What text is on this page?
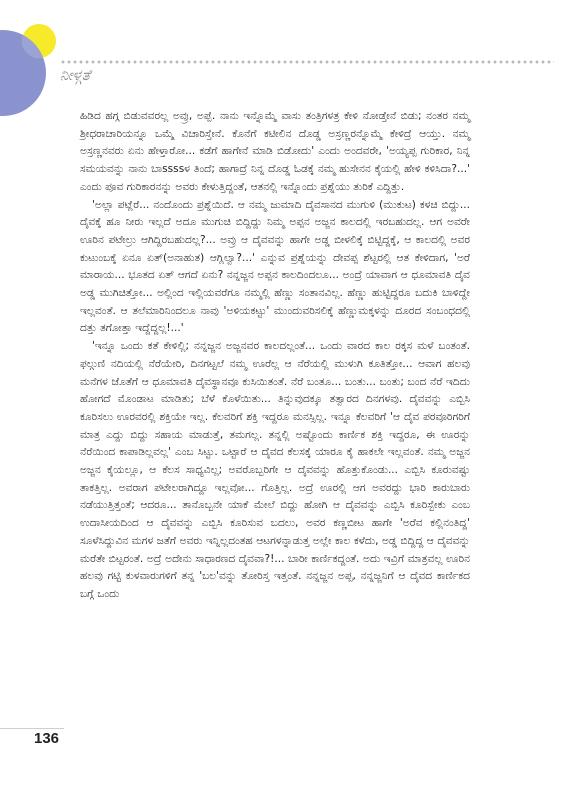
ನೀಳ್ಗತೆ

ಹಿಡಿದ ಹಗ್ಗ ಬಿಡುವವರಲ್ಲ ಅವ್ರು, ಅಪ್ಪೆ. ನಾನು ಇನ್ನೊಮ್ಮೆ ವಾಸು ತಂತ್ರಿಗಳತ್ರ ಕೇಳಿ ನೋಡ್ತೇನೆ ಬಿಡು; ನಂತರ ನಮ್ಮ ಶ್ರೀಧರಾಚಾರಿಯನ್ನೂ ಒಮ್ಮೆ ವಿಚಾರಿಸ್ತೇನೆ. ಕೊನೆಗೆ ಕಟೀಲಿನ ದೊಡ್ಡ ಅಸ್ರಣ್ಣರನ್ನೊಮ್ಮೆ ಕೇಳಿದ್ರೆ ಆಯ್ತು. ನಮ್ಮ ಅಸ್ರಣ್ಣನವರು ಏನು ಹೇಳ್ತಾರೋ... ಕಡೆಗೆ ಹಾಗೇನೆ ಮಾಡಿ ಬಿಡೋದು' ಎಂದು ಅಂದವರೇ, 'ಅಯ್ಯಪ್ಪ ಗುರಿಕಾರ, ನಿನ್ನ ಸಮಯವನ್ನು ನಾನು ಬಾssssಳ ತಿಂದೆ; ಹಾಗಾದ್ರೆ ನಿನ್ನ ದೊಡ್ಡ ಓಡಕ್ಕೆ ನಮ್ಮ ಹುಸೇನನ ಕೈಯಲ್ಲಿ ಹೇಳಿ ಕಳಿಸಿದಾ?...' ಎಂದು ಪೂವ ಗುರಿಕಾರನನ್ನು ಅವರು ಕೇಳುತ್ತಿದ್ದಂತೆ, ಆತನಲ್ಲಿ ಇನ್ನೊಂದು ಪ್ರಶ್ನೆಯು ತುರಿಕೆ ಎದ್ದಿತ್ತು.

'ಅಲ್ಲಾ ಪಟ್ಲೆರೆ... ನಂದೊಂದು ಪ್ರಶ್ನೆಯಿದೆ. ಆ ನಮ್ಮ ಜುಮಾದಿ ದೈವಸಾನದ ಮುಗುಳಿ (ಮುಕುಟ) ಕಳಚಿ ಬಿದ್ದು... ದೈವಕ್ಕೆ ಹೂ ನೀರು ಇಲ್ಲದೆ ಅದೂ ಮುಗುಚಿ ಬಿದ್ದಿದ್ದು ನಿಮ್ಮ ಅಪ್ಪನ ಅಜ್ಜನ ಕಾಲದಲ್ಲಿ ಇರಬಹುದಲ್ಲ. ಆಗ ಅವರೇ ಊರಿನ ಪಟೇಲ್ರು ಆಗಿದ್ದಿರಬಹುದಲ್ಲ?... ಅವ್ರು ಆ ದೈವವನ್ನು ಹಾಗೇ ಅಡ್ಡ ಬೀಳಲಿಕ್ಕೆ ಬಿಟ್ಟಿದ್ದಕ್ಕೆ, ಆ ಕಾಲದಲ್ಲಿ ಅವರ ಕುಟುಂಬಕ್ಕೆ ಏನೂ ಏತ್(ಅನಾಹುತ) ಆಗ್ಲಿಲ್ವಾ?...' ಎನ್ನುವ ಪ್ರಶ್ನೆಯನ್ನು ದೇವಪ್ಪ ಶೆಟ್ಟರಲ್ಲಿ ಆತ ಕೇಳಿದಾಗ, 'ಅರೆ ಮಾರಾಯ... ಭೂತದ ಏತ್ ಆಗದೆ ಏನು? ನನ್ನಜ್ಜನ ಅಪ್ಪನ ಕಾಲದಿಂದಲೂ... ಅಂದ್ರೆ ಯಾವಾಗ ಆ ಧೂಮಾವತಿ ದೈವ ಅಡ್ಡ ಮುಗಿಚಿತ್ತೋ... ಅಲ್ಲಿಂದ ಇಲ್ಲಿಯವರೆಗೂ ನಮ್ಮಲ್ಲಿ ಹೆಣ್ಣು ಸಂತಾನವಿಲ್ಲ. ಹೆಣ್ಣು ಹುಟ್ಟಿದ್ದರೂ ಬದುಕಿ ಬಾಳಿದ್ದೇ ಇಲ್ಲವಂತೆ. ಆ ತಲೆಮಾರಿನಿಂದಲೂ ನಾವು 'ಅಳಿಯಕಟ್ಟು' ಮುಂದುವರಿಸಲಿಕ್ಕೆ ಹೆಣ್ಣುಮಕ್ಕಳನ್ನು ದೂರದ ಸಂಬಂಧದಲ್ಲಿ ದತ್ತು ತಗೋತ್ತಾ ಇದ್ದೆದ್ದಲ್ಲ!...'

'ಇನ್ನೂ ಒಂದು ಕತೆ ಕೇಳಿಲ್ಲಿ; ನನ್ನಜ್ಜನ ಅಜ್ಜನವರ ಕಾಲದಲ್ಲಂತೆ... ಒಂದು ವಾರದ ಕಾಲ ರಕ್ಕಸ ಮಳೆ ಬಂತಂತೆ. ಫಲ್ಗುಣಿ ನದಿಯಲ್ಲಿ ನೆರೆಯೇರಿ, ದಿನಗಟ್ಟಲೆ ನಮ್ಮ ಊರೆಲ್ಲ ಆ ನೆರೆಯಲ್ಲಿ ಮುಳುಗಿ ಕೂತಿತ್ತೋ... ಆವಾಗ ಹಲವು ಮನೆಗಳ ಜೊತೆಗೆ ಆ ಧೂಮಾವತಿ ದೈವಸ್ಥಾನವೂ ಕುಸಿಯಿತಂತೆ. ನೆರೆ ಬಂತೂ... ಬಂತು... ಬಂತು; ಬಂದ ನೆರೆ ಇದಿದು ಹೋಗದೆ ಮೊಂಡಾಟ ಮಾಡಿತು; ಬೆಳೆ ಕೊಳೆಯಿತು... ತಿನ್ನುವುದಕ್ಕೂ ತತ್ವಾರದ ದಿನಗಳವು. ದೈವವನ್ನು ಎಬ್ಬಿಸಿ ಕೂರಿಸಲು ಊರವರಲ್ಲಿ ಶಕ್ತಿಯೇ ಇಲ್ಲ. ಕೆಲವರಿಗೆ ಶಕ್ತಿ ಇದ್ದರೂ ಮನಸ್ಸಿಲ್ಲ. ಇನ್ನೂ ಕೆಲವರಿಗೆ 'ಆ ದೈವ ಪರವೂರಿಗರಿಗೆ ಮಾತ್ರ ಎದ್ದು ಬಿದ್ದು ಸಹಾಯ ಮಾಡುತ್ತೆ, ತಮಗಲ್ಲ. ತನ್ನಲ್ಲಿ ಅಷ್ಟೊಂದು ಕಾರ್ಣಿಕ ಶಕ್ತಿ ಇದ್ದರೂ, ಈ ಊರನ್ನು ನೆರೆಯಿಂದ ಕಾಪಾಡಿಲ್ಲವಲ್ಲ' ಎಂಬ ಸಿಟ್ಟು. ಒಟ್ಟಾರೆ ಆ ದೈವದ ಕೆಲಸಕ್ಕೆ ಯಾರೂ ಕೈ ಹಾಕಲೇ ಇಲ್ಲವಂತೆ. ನಮ್ಮ ಅಜ್ಜನ ಅಜ್ಜನ ಕೈಯಲ್ಲೂ, ಆ ಕೆಲಸ ಸಾಧ್ಯವಿಲ್ಲ; ಅವರೊಬ್ಬರಿಗೇ ಆ ದೈವವನ್ನು ಹೊತ್ತುಕೊಂಡು... ಎಬ್ಬಿಸಿ ಕೂರುವಷ್ಟು ತಾಕತ್ತಿಲ್ಲ. ಅವರಾಗ ಪಟೇಲರಾಗಿದ್ದೂ ಇಲ್ಲವೋ... ಗೊತ್ತಿಲ್ಲ. ಅದ್ರೆ ಊರಲ್ಲಿ ಆಗ ಅವರದ್ದು ಭಾರಿ ಕಾರುಬಾರು ನಡೆಯುತ್ತಿತ್ತಂತೆ; ಆದರೂ... ತಾನೊಬ್ಬನೇ ಯಾಕೆ ಮೇಲೆ ಬಿದ್ದು ಹೋಗಿ ಆ ದೈವವನ್ನು ಎಬ್ಬಿಸಿ ಕೂರಿಸ್ಬೇಕು ಎಂಬ ಉದಾಸೀಯದಿಂದ ಆ ದೈವವನ್ನು ಎಬ್ಬಿಸಿ ಕೂರಿಸುವ ಬದಲು, ಅವರ ಕಣ್ಣಬೀಟ ಹಾಗೇ 'ಅರೆವ ಕಲ್ಲಿನಂತಿದ್ದ' ಸೂಳೆಸಿದ್ದುವಿನ ಮಗಳ ಜತೆಗೆ ಅವರು ಇನ್ನಿಲ್ಲದಂತಹ ಆಟಗಳನ್ನಾಡುತ್ತ ಅಲ್ಲೇ ಕಾಲ ಕಳೆದು, ಅಡ್ಡ ಬಿದ್ದಿದ್ದ ಆ ದೈವವನ್ನು ಮರೆತೇ ಬಿಟ್ಟರಂತೆ. ಅದ್ರೆ ಅದೇನು ಸಾಧಾರಣದ ದೈವವಾ?!... ಬಾರೀ ಕಾರ್ಣಿಕದ್ದಂತೆ. ಅದು ಇವ್ರಿಗೆ ಮಾತ್ರವಲ್ಲ ಊರಿನ ಹಲವು ಗಟ್ಟಿ ಕುಳವಾರುಗಳಿಗೆ ತನ್ನ 'ಬಲ'ವನ್ನು ತೋರಿಸ್ತ ಇತ್ತಂತೆ. ನನ್ನಜ್ಜನ ಅಪ್ಪ, ನನ್ನಜ್ಜನಿಗೆ ಆ ದೈವದ ಕಾರ್ಣಿಕದ ಬಗ್ಗೆ ಒಂದು

136
